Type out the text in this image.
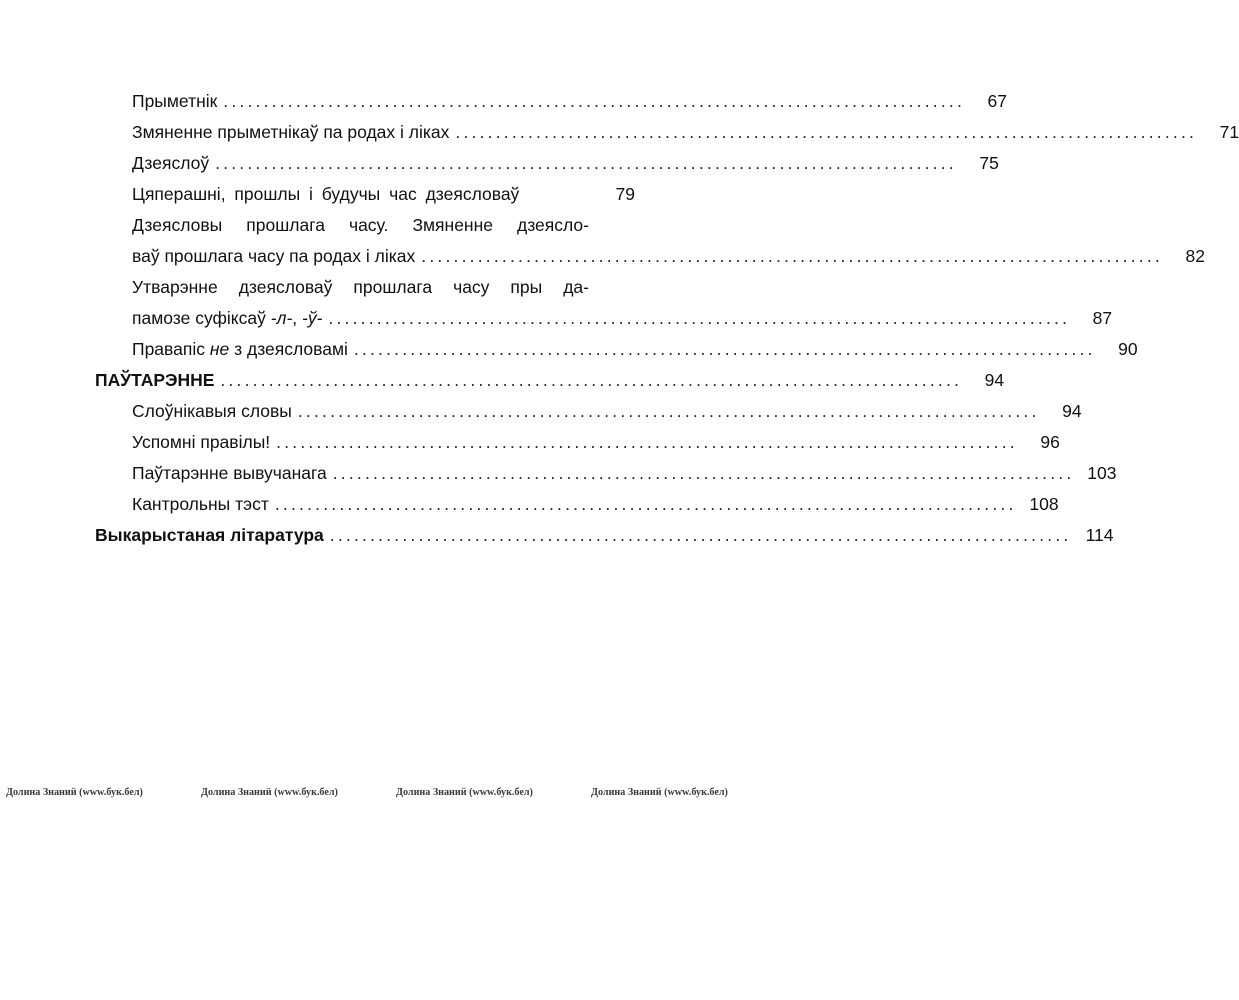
Прыметнік ............................................................................................	67
Змяненне прыметнікаў па родах і ліках ............................................................................................	71
Дзеяслоў ............................................................................................	75
Цяперашні, прошлы і будучы час дзеясловаў	79
Дзеясловы прошлага часу. Змяненне дзеясло-
ваў прошлага часу па родах і ліках ............................................................................................	82
Утварэнне дзеясловаў прошлага часу пры да-
памозе суфіксаў -л-, -ў- ............................................................................................	87
Правапіс не з дзеясловамі ............................................................................................	90
ПАЎТАРЭННЕ ............................................................................................	94
Слоўнікавыя словы ............................................................................................	94
Успомні правілы! ............................................................................................	96
Паўтарэнне вывучанага ............................................................................................ 103
Кантрольны тэст ............................................................................................ 108
Выкарыстаная літаратура ............................................................................................ 114
Долина Знаний (www.бук.бел)	Долина Знаний (www.бук.бел)	Долина Знаний (www.бук.бел)	Долина Знаний (www.бук.бел)
